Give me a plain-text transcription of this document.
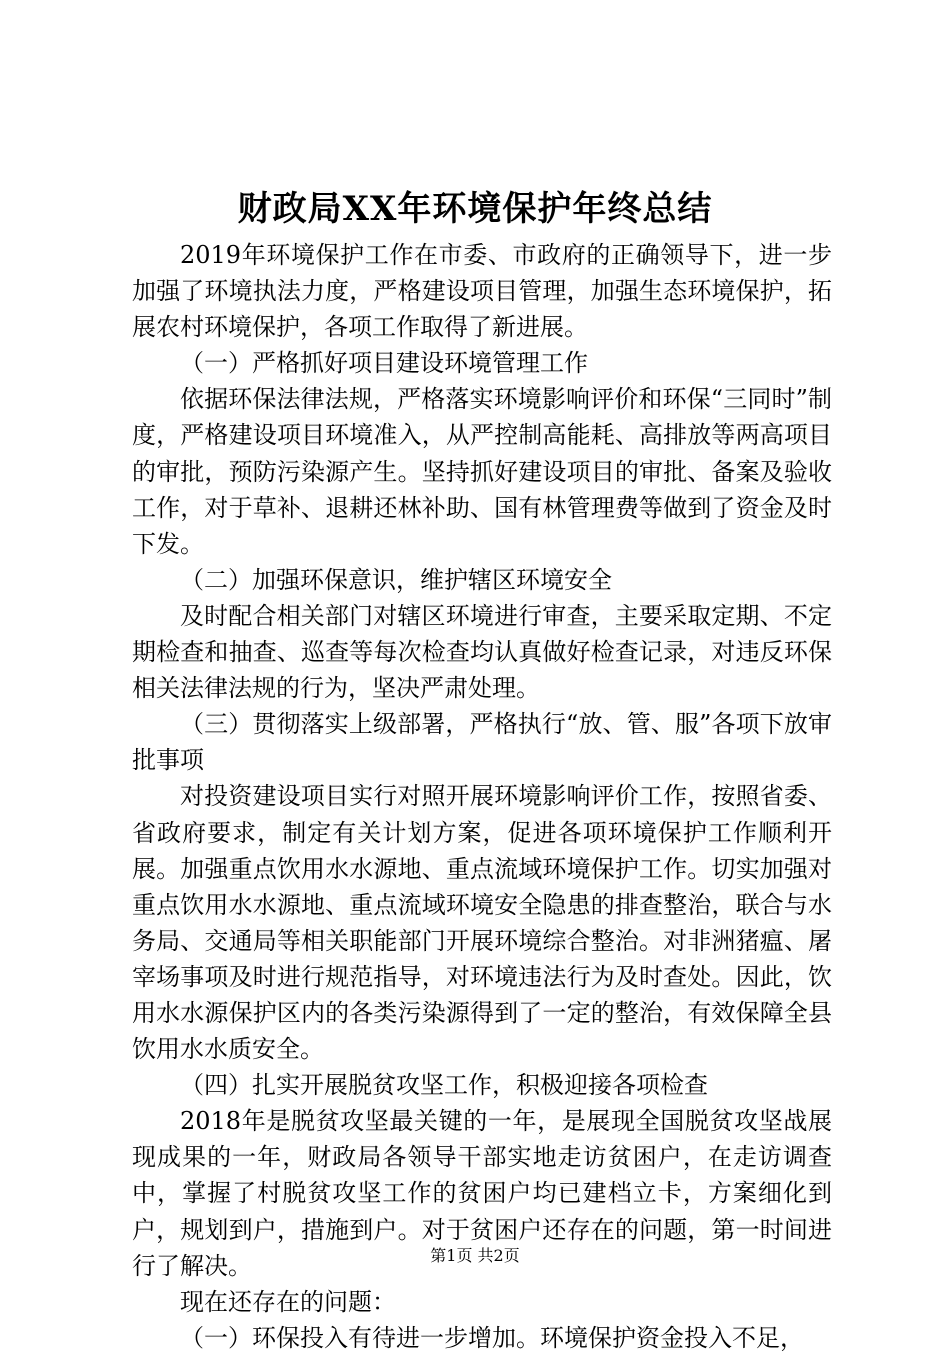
财政局XX年环境保护年终总结

2019年环境保护工作在市委、市政府的正确领导下，进一步加强了环境执法力度，严格建设项目管理，加强生态环境保护，拓展农村环境保护，各项工作取得了新进展。

（一）严格抓好项目建设环境管理工作

依据环保法律法规，严格落实环境影响评价和环保“三同时”制度，严格建设项目环境准入，从严控制高能耗、高排放等两高项目的审批，预防污染源产生。坚持抓好建设项目的审批、备案及验收工作，对于草补、退耕还林补助、国有林管理费等做到了资金及时下发。

（二）加强环保意识，维护辖区环境安全

及时配合相关部门对辖区环境进行审查，主要采取定期、不定期检查和抽查、巡查等每次检查均认真做好检查记录，对违反环保相关法律法规的行为，坚决严肃处理。

（三）贯彻落实上级部署，严格执行“放、管、服”各项下放审批事项

对投资建设项目实行对照开展环境影响评价工作，按照省委、省政府要求，制定有关计划方案，促进各项环境保护工作顺利开展。加强重点饮用水水源地、重点流域环境保护工作。切实加强对重点饮用水水源地、重点流域环境安全隐患的排查整治，联合与水务局、交通局等相关职能部门开展环境综合整治。对非洲猪瘟、屠宰场事项及时进行规范指导，对环境违法行为及时查处。因此，饮用水水源保护区内的各类污染源得到了一定的整治，有效保障全县饮用水水质安全。

（四）扎实开展脱贫攻坚工作，积极迎接各项检查

2018年是脱贫攻坚最关键的一年，是展现全国脱贫攻坚战展现成果的一年，财政局各领导干部实地走访贫困户，在走访调查中，掌握了村脱贫攻坚工作的贫困户均已建档立卡，方案细化到户，规划到户，措施到户。对于贫困户还存在的问题，第一时间进行了解决。

现在还存在的问题：

（一）环保投入有待进一步增加。环境保护资金投入不足，

第1页 共2页
